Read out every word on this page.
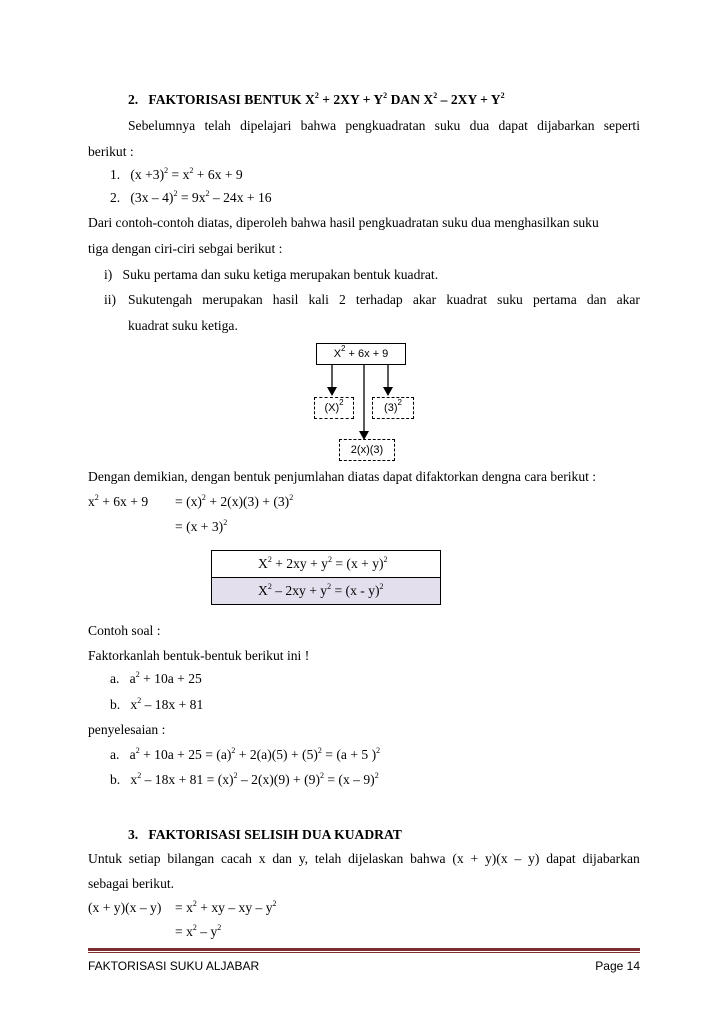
2. FAKTORISASI BENTUK $X^2 + 2XY + Y^2$ DAN $X^2 - 2XY + Y^2$
Sebelumnya telah dipelajari bahwa pengkuadratan suku dua dapat dijabarkan seperti
berikut :
1. $(x +3)^2 = x^2 + 6x + 9$
2. $(3x - 4)^2 = 9x^2 - 24x + 16$
Dari contoh-contoh diatas, diperoleh bahwa hasil pengkuadratan suku dua menghasilkan suku
tiga dengan ciri-ciri sebgai berikut :
i) Suku pertama dan suku ketiga merupakan bentuk kuadrat.
ii) Sukutengah merupakan hasil kali 2 terhadap akar kuadrat suku pertama dan akar
kuadrat suku ketiga.
$X^2 + 6x + 9$
$(X)^2$	$(3)^2$
2(x)(3)
Dengan demikian, dengan bentuk penjumlahan diatas dapat difaktorkan dengna cara berikut :
$x^2 + 6x + 9 = (x)^2 + 2(x)(3) + (3)^2$
= $(x + 3)^2$
$X^2 + 2xy + y^2 = (x + y)^2$
$X^2 - 2xy + y^2 = (x - y)^2$
Contoh soal :
Faktorkanlah bentuk-bentuk berikut ini !
a. $a^2 + 10a + 25$
b. $x^2 - 18x + 81$
penyelesaian :
a. $a^2 + 10a + 25 = (a)^2 + 2(a)(5) + (5)^2 = (a + 5$ )$^2$
b. $x^2 - 18x + 81 = (x)^2 - 2(x)(9) + (9)^2 = (x - 9)^2$
3. FAKTORISASI SELISIH DUA KUADRAT
Untuk setiap bilangan cacah x dan y, telah dijelaskan bahwa (x + y)(x – y) dapat dijabarkan
sebagai berikut.
$(x + y)(x - y) = x^2$ + xy – xy – $y^2$
= $x^2 - y^2$
FAKTORISASI SUKU ALJABAR	Page 14
